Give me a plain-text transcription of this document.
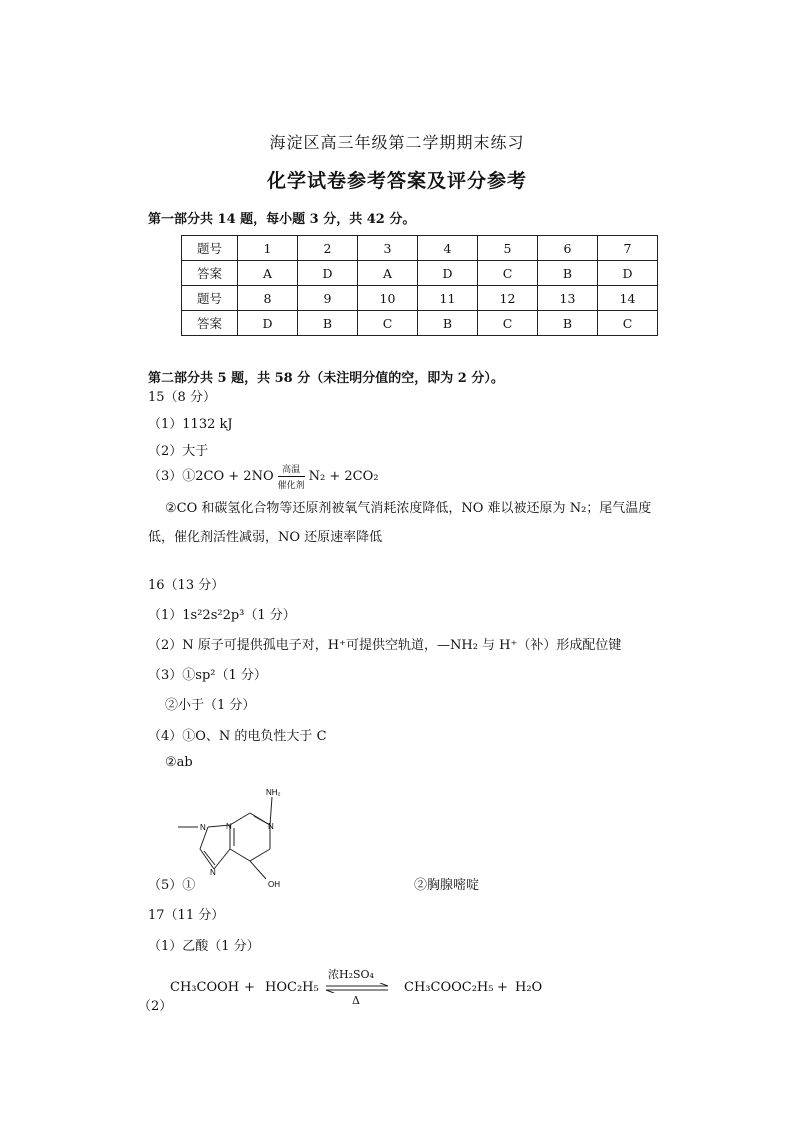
海淀区高三年级第二学期期末练习
化学试卷参考答案及评分参考
第一部分共 14 题，每小题 3 分，共 42 分。
题号	1	2	3	4	5	6	7
答案	A	D	A	D	C	B	D
题号	8	9	10	11	12	13	14
答案	D	B	C	B	C	B	C
第二部分共 5 题，共 58 分（未注明分值的空，即为 2 分）。
15（8 分）
（1）1132 kJ
（2）大于
（3）①2CO + 2NO 高温
催化剂
N₂ + 2CO₂
②CO 和碳氢化合物等还原剂被氧气消耗浓度降低，NO 难以被还原为 N₂；尾气温度
低，催化剂活性减弱，NO 还原速率降低
16（13 分）
（1）1s²2s²2p³（1 分）
（2）N 原子可提供孤电子对，H⁺可提供空轨道，—NH₂ 与 H⁺（补）形成配位键
（3）①sp²（1 分）
②小于（1 分）
（4）①O、N 的电负性大于 C
②ab
NH₂
OH
N	N
N
N
（5）①	②胸腺嘧啶
17（11 分）
（1）乙酸（1 分）
（2）
CH₃COOH + HOC₂H₅
浓H₂SO₄
Δ
CH₃COOC₂H₅ + H₂O
